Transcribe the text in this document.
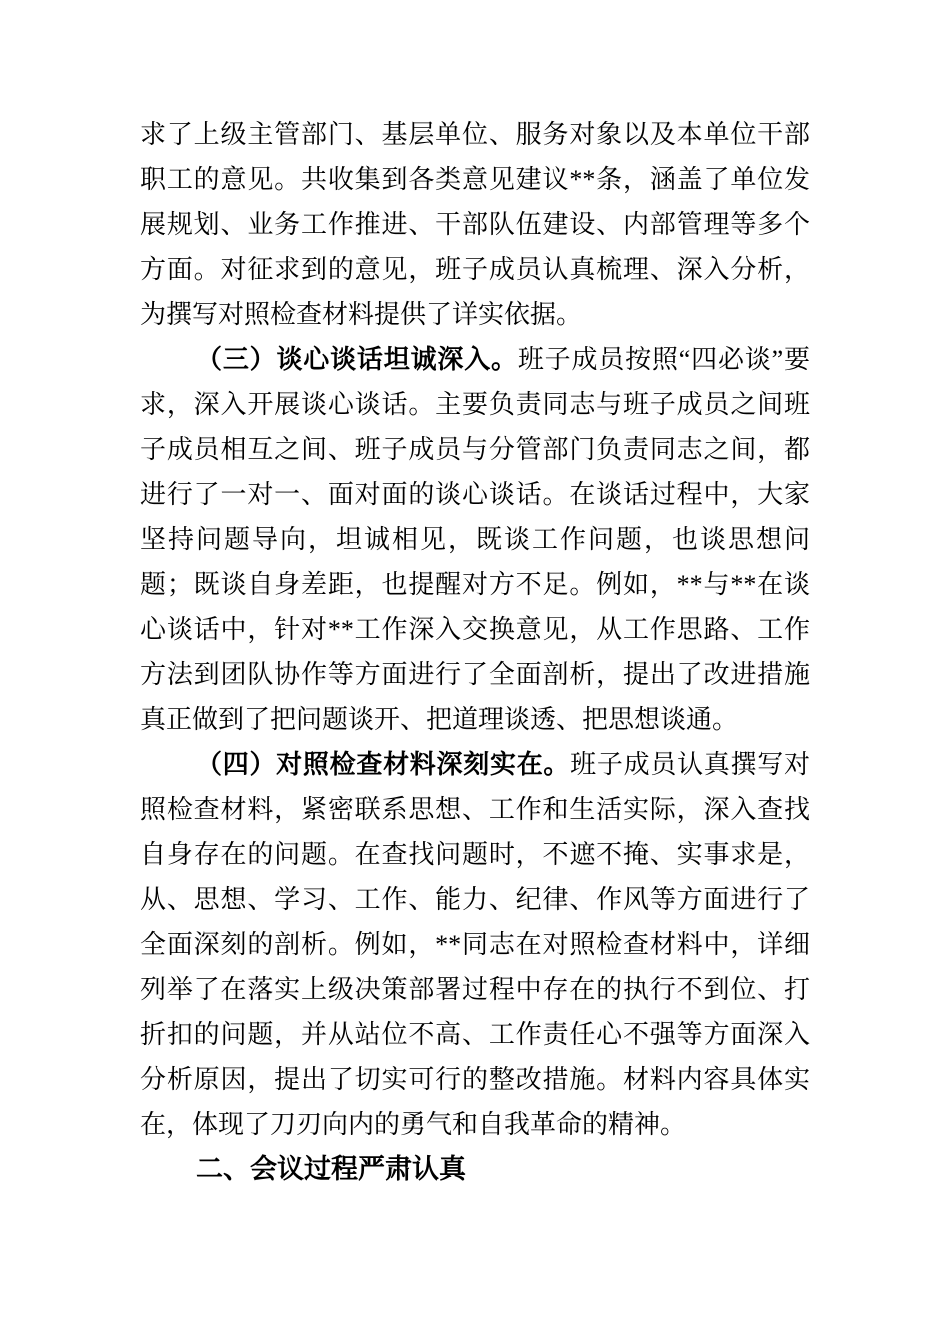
求了上级主管部门、基层单位、服务对象以及本单位干部职工的意见。共收集到各类意见建议**条，涵盖了单位发展规划、业务工作推进、干部队伍建设、内部管理等多个方面。对征求到的意见，班子成员认真梳理、深入分析，为撰写对照检查材料提供了详实依据。

（三）谈心谈话坦诚深入。班子成员按照“四必谈”要求，深入开展谈心谈话。主要负责同志与班子成员之间班子成员相互之间、班子成员与分管部门负责同志之间，都进行了一对一、面对面的谈心谈话。在谈话过程中，大家坚持问题导向，坦诚相见，既谈工作问题，也谈思想问题；既谈自身差距，也提醒对方不足。例如，**与**在谈心谈话中，针对**工作深入交换意见，从工作思路、工作方法到团队协作等方面进行了全面剖析，提出了改进措施真正做到了把问题谈开、把道理谈透、把思想谈通。

（四）对照检查材料深刻实在。班子成员认真撰写对照检查材料，紧密联系思想、工作和生活实际，深入查找自身存在的问题。在查找问题时，不遮不掩、实事求是，从、思想、学习、工作、能力、纪律、作风等方面进行了全面深刻的剖析。例如，**同志在对照检查材料中，详细列举了在落实上级决策部署过程中存在的执行不到位、打折扣的问题，并从站位不高、工作责任心不强等方面深入分析原因，提出了切实可行的整改措施。材料内容具体实在，体现了刀刃向内的勇气和自我革命的精神。

二、会议过程严肃认真
